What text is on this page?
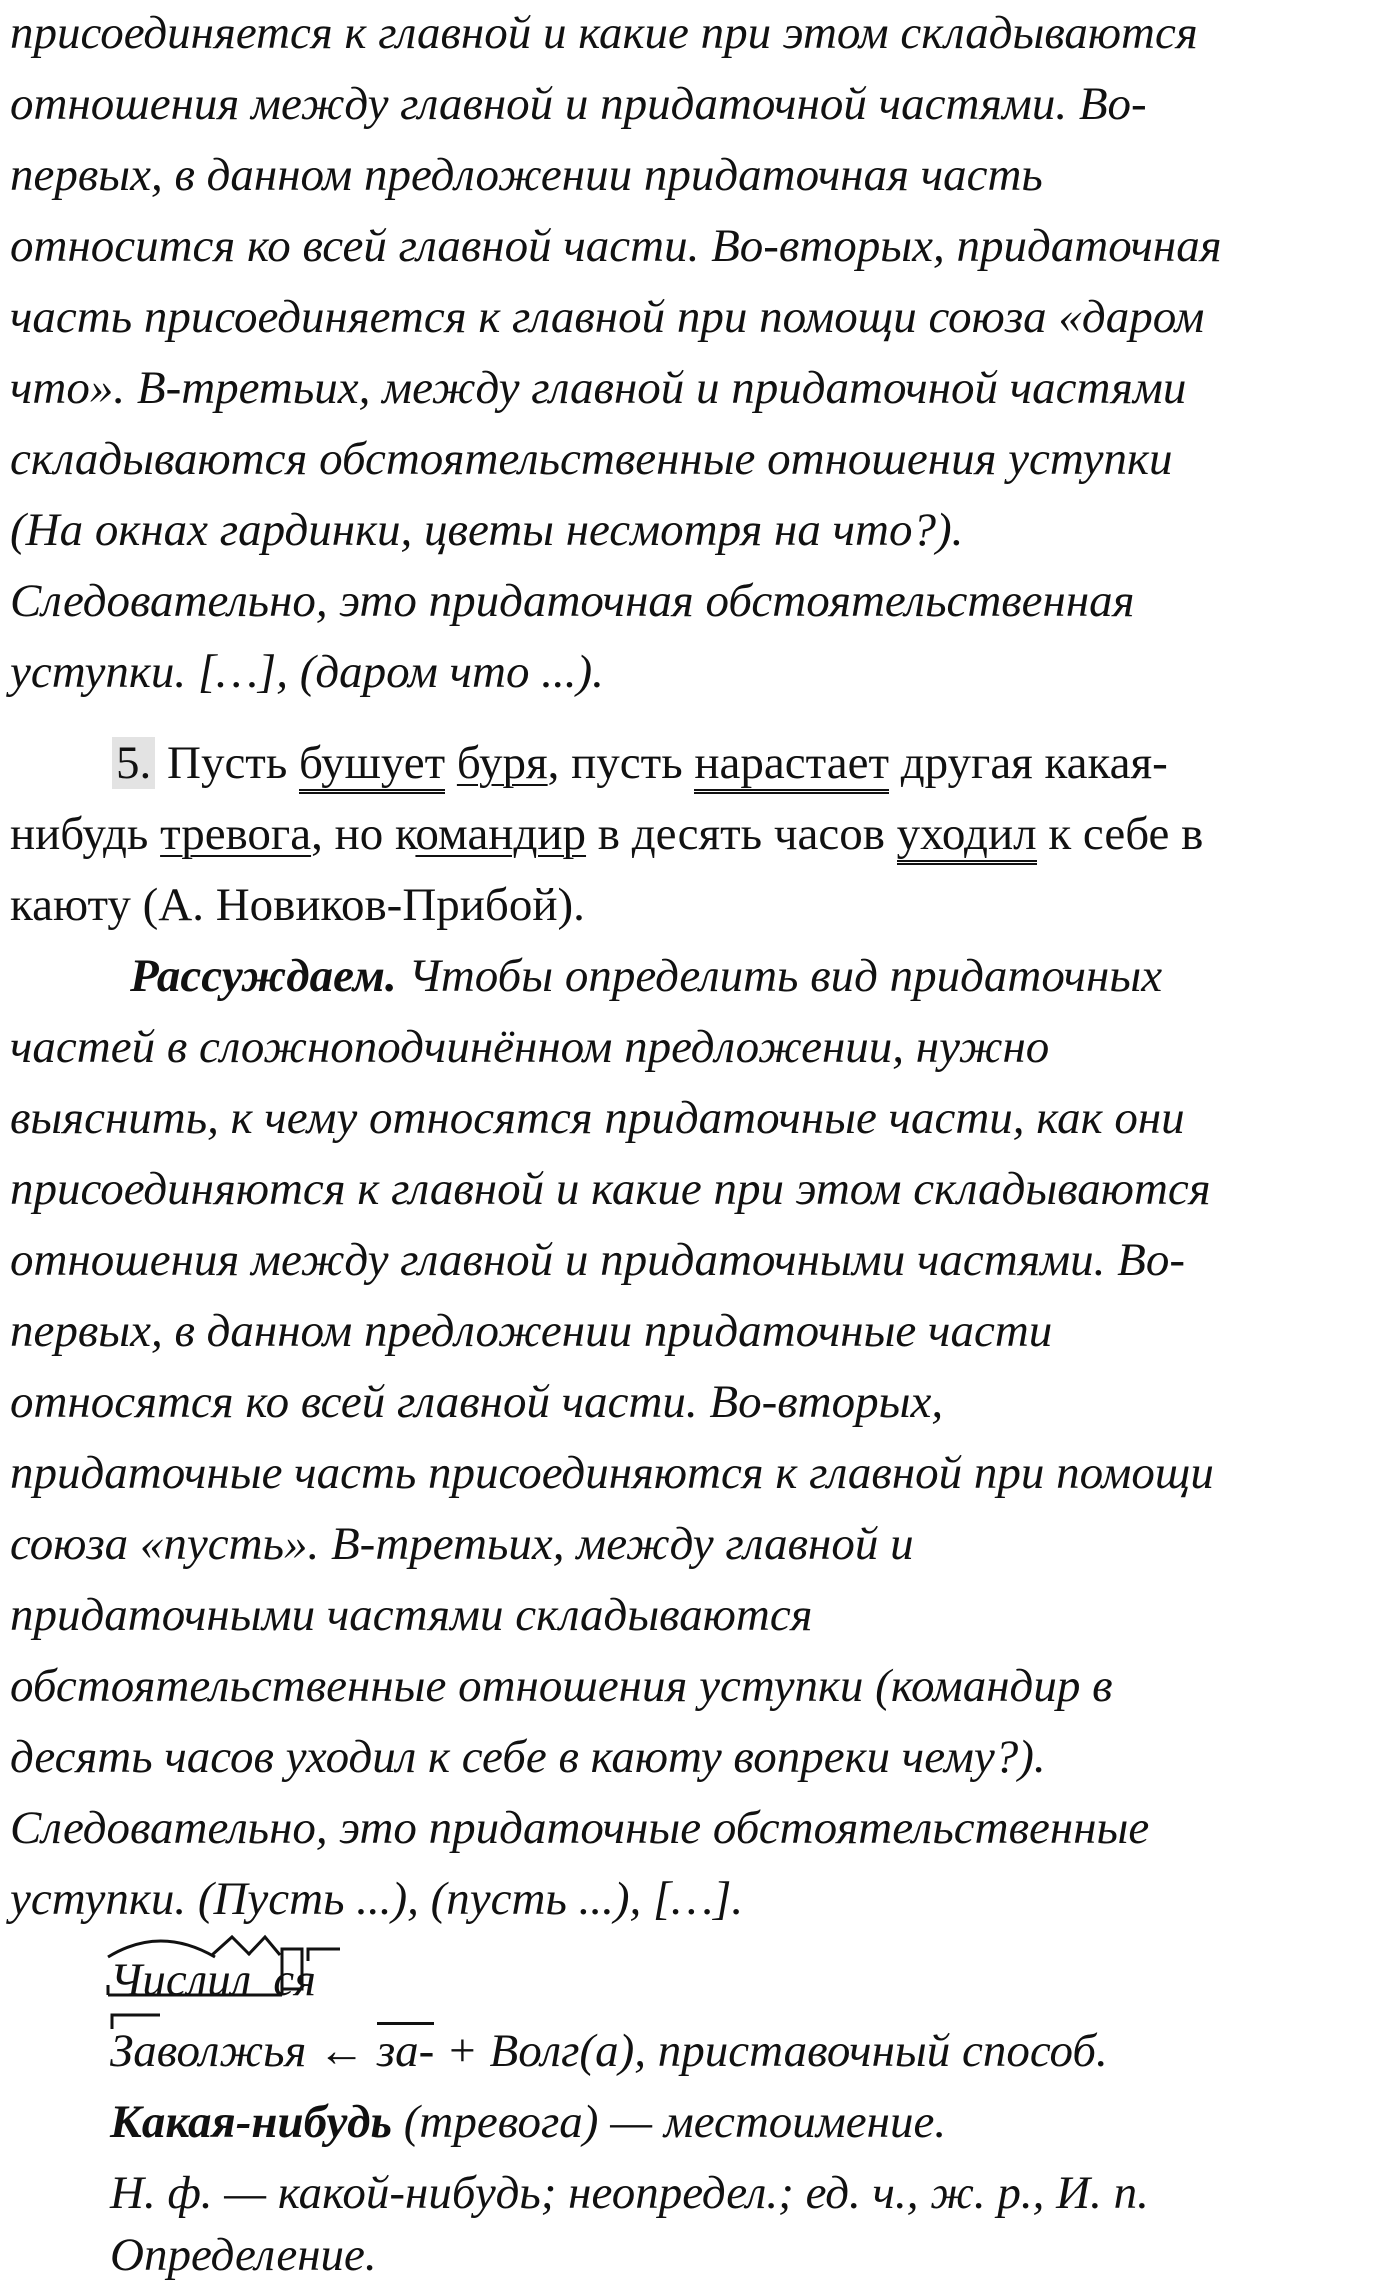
присоединяется к главной и какие при этом складываются
отношения между главной и придаточной частями. Во-
первых, в данном предложении придаточная часть
относится ко всей главной части. Во-вторых, придаточная
часть присоединяется к главной при помощи союза «даром
что». В-третьих, между главной и придаточной частями
складываются обстоятельственные отношения уступки
(На окнах гардинки, цветы несмотря на что?).
Следовательно, это придаточная обстоятельственная
уступки. […], (даром что ...).
5. Пусть бушует буря, пусть нарастает другая какая-
нибудь тревога, но командир в десять часов уходил к себе в
каюту (А. Новиков-Прибой).
Рассуждаем. Чтобы определить вид придаточных
частей в сложноподчинённом предложении, нужно
выяснить, к чему относятся придаточные части, как они
присоединяются к главной и какие при этом складываются
отношения между главной и придаточными частями. Во-
первых, в данном предложении придаточные части
относятся ко всей главной части. Во-вторых,
придаточные часть присоединяются к главной при помощи
союза «пусть». В-третьих, между главной и
придаточными частями складываются
обстоятельственные отношения уступки (командир в
десять часов уходил к себе в каюту вопреки чему?).
Следовательно, это придаточные обстоятельственные
уступки. (Пусть ...), (пусть ...), […].
Числил ся
Заволжья ← за- + Волг(а), приставочный способ.
Какая-нибудь (тревога) — местоимение.
Н. ф. — какой-нибудь; неопредел.; ед. ч., ж. р., И. п.
Определение.
